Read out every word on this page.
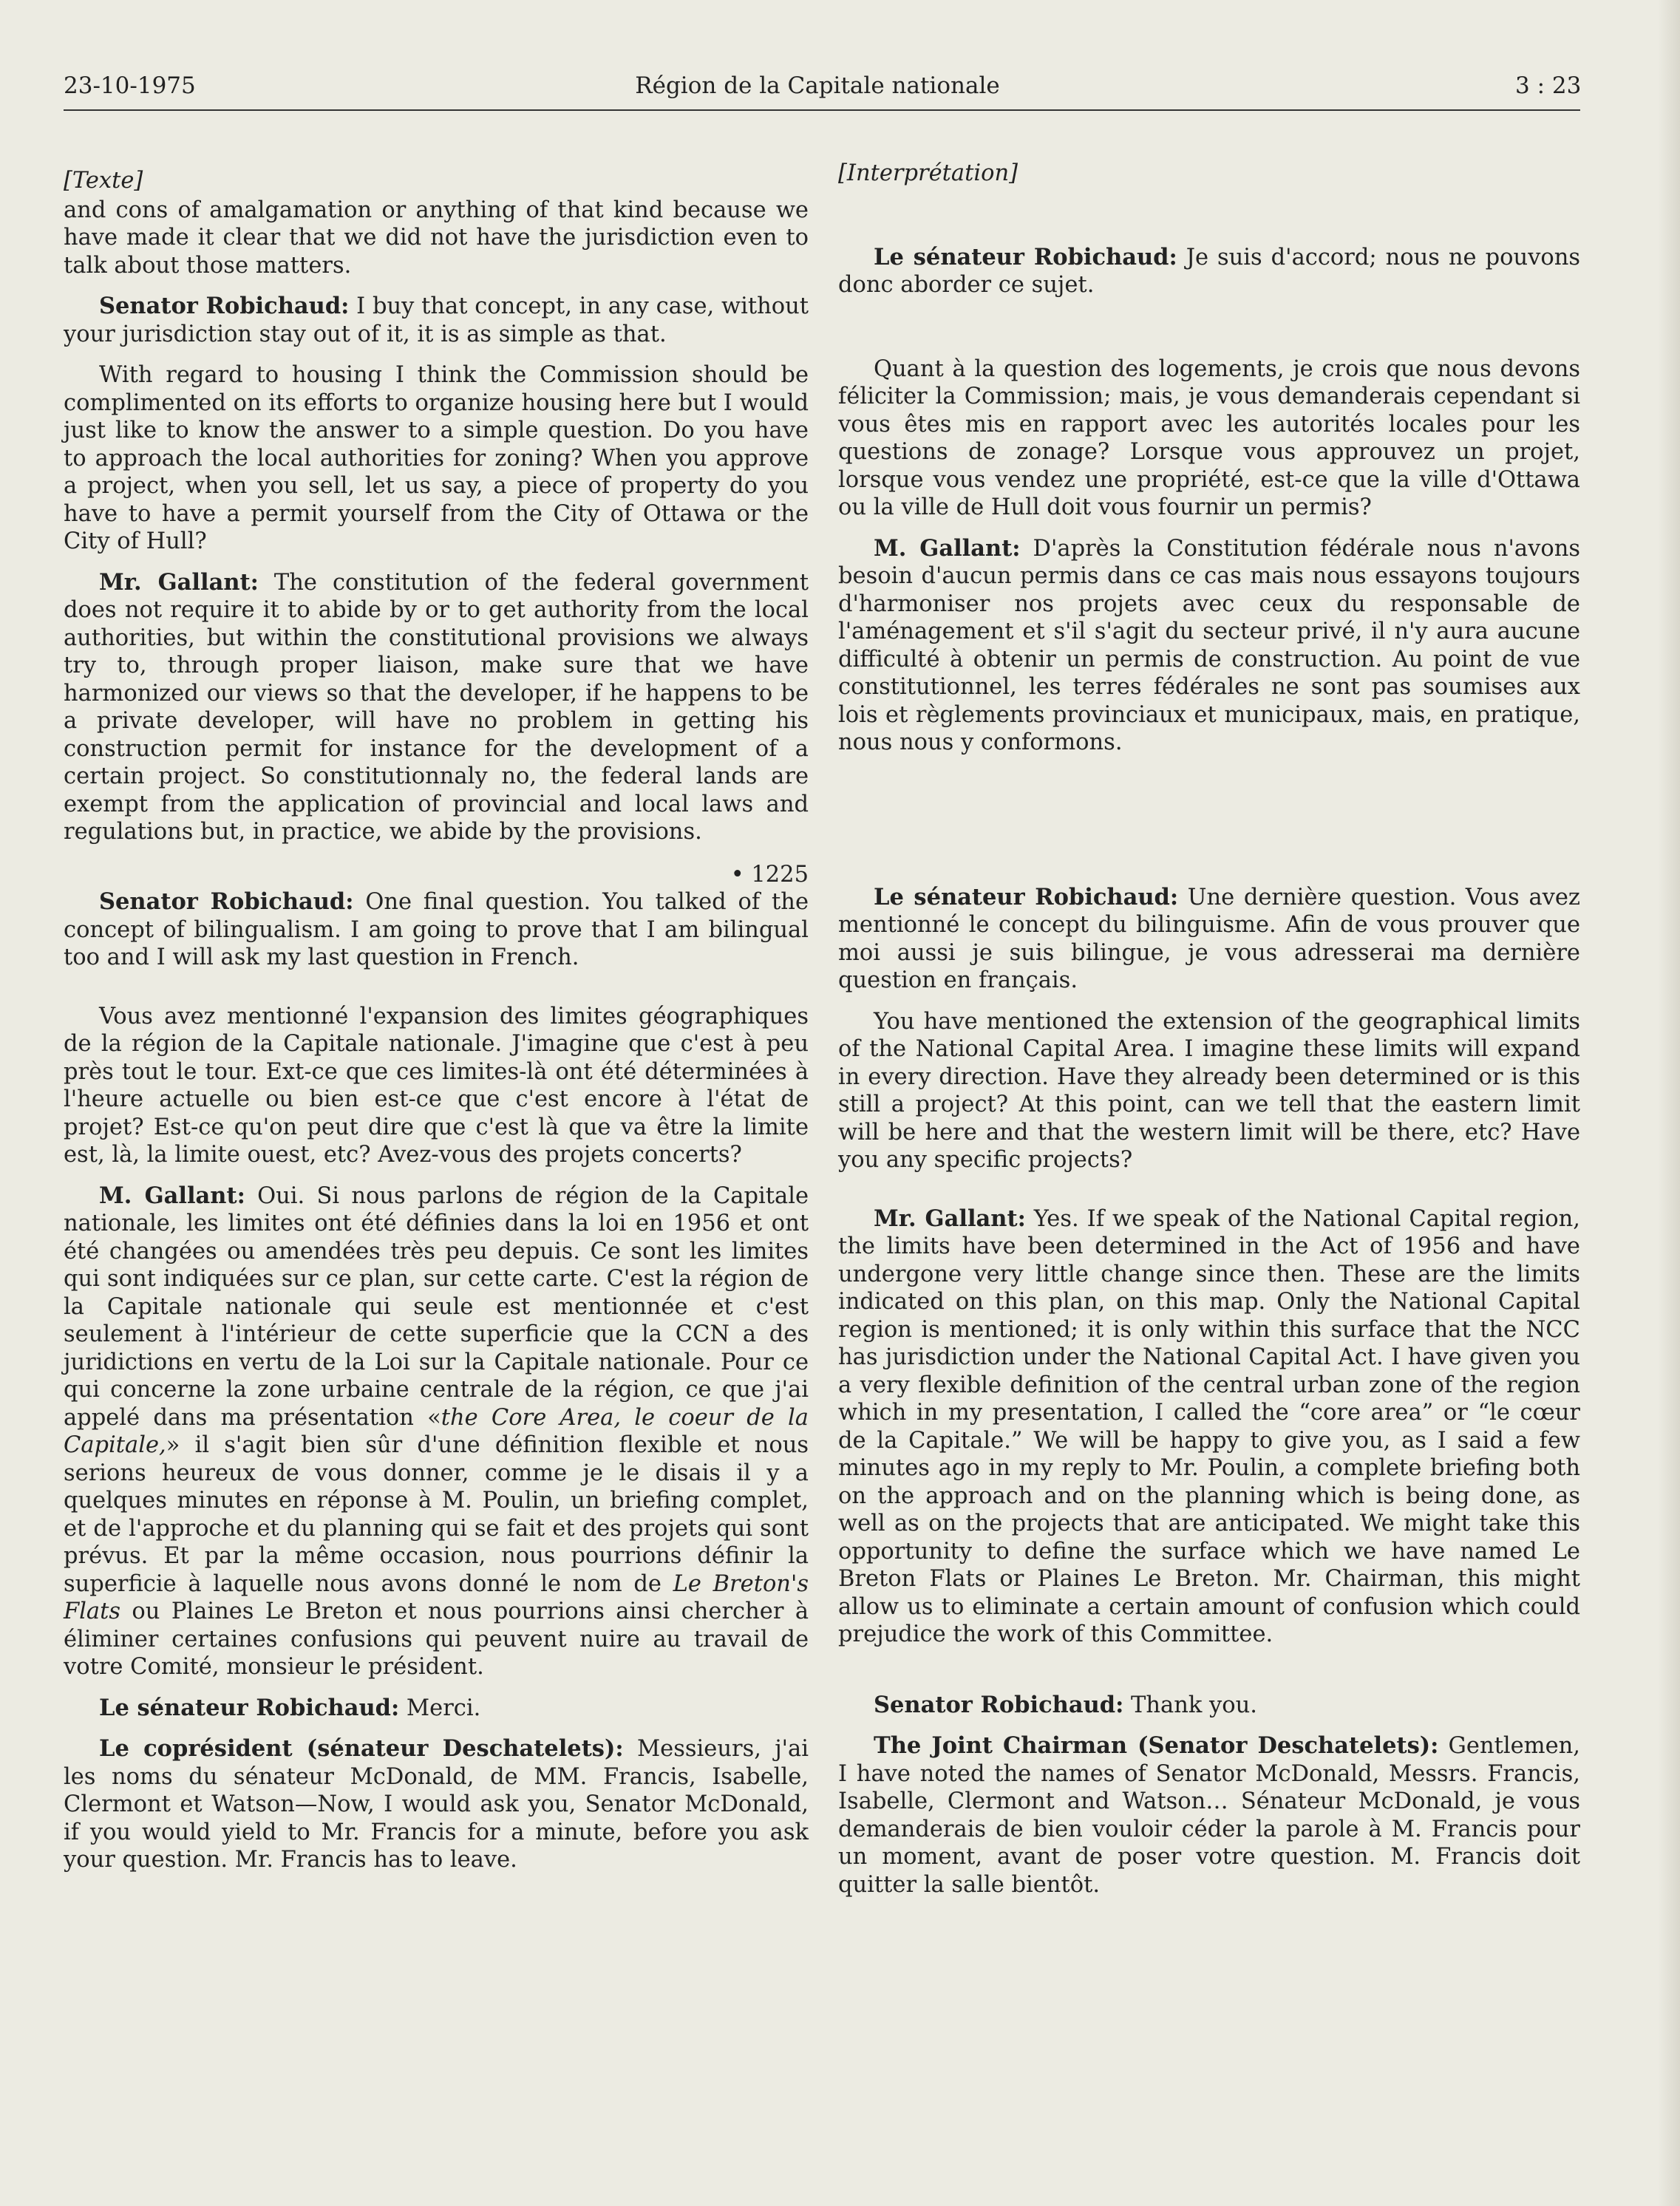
23-10-1975	Région de la Capitale nationale	3 : 23
[Texte]

and cons of amalgamation or anything of that kind because we have made it clear that we did not have the jurisdiction even to talk about those matters.

Senator Robichaud: I buy that concept, in any case, without your jurisdiction stay out of it, it is as simple as that.

With regard to housing I think the Commission should be complimented on its efforts to organize housing here but I would just like to know the answer to a simple question. Do you have to approach the local authorities for zoning? When you approve a project, when you sell, let us say, a piece of property do you have to have a permit yourself from the City of Ottawa or the City of Hull?

Mr. Gallant: The constitution of the federal government does not require it to abide by or to get authority from the local authorities, but within the constitutional provisions we always try to, through proper liaison, make sure that we have harmonized our views so that the developer, if he happens to be a private developer, will have no problem in getting his construction permit for instance for the development of a certain project. So constitutionnaly no, the federal lands are exempt from the application of provincial and local laws and regulations but, in practice, we abide by the provisions.

• 1225

Senator Robichaud: One final question. You talked of the concept of bilingualism. I am going to prove that I am bilingual too and I will ask my last question in French.

Vous avez mentionné l'expansion des limites géographiques de la région de la Capitale nationale. J'imagine que c'est à peu près tout le tour. Ext-ce que ces limites-là ont été déterminées à l'heure actuelle ou bien est-ce que c'est encore à l'état de projet? Est-ce qu'on peut dire que c'est là que va être la limite est, là, la limite ouest, etc? Avez-vous des projets concerts?

M. Gallant: Oui. Si nous parlons de région de la Capitale nationale, les limites ont été définies dans la loi en 1956 et ont été changées ou amendées très peu depuis. Ce sont les limites qui sont indiquées sur ce plan, sur cette carte. C'est la région de la Capitale nationale qui seule est mentionnée et c'est seulement à l'intérieur de cette superficie que la CCN a des juridictions en vertu de la Loi sur la Capitale nationale. Pour ce qui concerne la zone urbaine centrale de la région, ce que j'ai appelé dans ma présentation «the Core Area, le coeur de la Capitale,» il s'agit bien sûr d'une définition flexible et nous serions heureux de vous donner, comme je le disais il y a quelques minutes en réponse à M. Poulin, un briefing complet, et de l'approche et du planning qui se fait et des projets qui sont prévus. Et par la même occasion, nous pourrions définir la superficie à laquelle nous avons donné le nom de Le Breton's Flats ou Plaines Le Breton et nous pourrions ainsi chercher à éliminer certaines confusions qui peuvent nuire au travail de votre Comité, monsieur le président.

Le sénateur Robichaud: Merci.

Le coprésident (sénateur Deschatelets): Messieurs, j'ai les noms du sénateur McDonald, de MM. Francis, Isabelle, Clermont et Watson—Now, I would ask you, Senator McDonald, if you would yield to Mr. Francis for a minute, before you ask your question. Mr. Francis has to leave.

[Interprétation]

Le sénateur Robichaud: Je suis d'accord; nous ne pouvons donc aborder ce sujet.

Quant à la question des logements, je crois que nous devons féliciter la Commission; mais, je vous demanderais cependant si vous êtes mis en rapport avec les autorités locales pour les questions de zonage? Lorsque vous approuvez un projet, lorsque vous vendez une propriété, est-ce que la ville d'Ottawa ou la ville de Hull doit vous fournir un permis?

M. Gallant: D'après la Constitution fédérale nous n'avons besoin d'aucun permis dans ce cas mais nous essayons toujours d'harmoniser nos projets avec ceux du responsable de l'aménagement et s'il s'agit du secteur privé, il n'y aura aucune difficulté à obtenir un permis de construction. Au point de vue constitutionnel, les terres fédérales ne sont pas soumises aux lois et règlements provinciaux et municipaux, mais, en pratique, nous nous y conformons.

Le sénateur Robichaud: Une dernière question. Vous avez mentionné le concept du bilinguisme. Afin de vous prouver que moi aussi je suis bilingue, je vous adresserai ma dernière question en français.

You have mentioned the extension of the geographical limits of the National Capital Area. I imagine these limits will expand in every direction. Have they already been determined or is this still a project? At this point, can we tell that the eastern limit will be here and that the western limit will be there, etc? Have you any specific projects?

Mr. Gallant: Yes. If we speak of the National Capital region, the limits have been determined in the Act of 1956 and have undergone very little change since then. These are the limits indicated on this plan, on this map. Only the National Capital region is mentioned; it is only within this surface that the NCC has jurisdiction under the National Capital Act. I have given you a very flexible definition of the central urban zone of the region which in my presentation, I called the “core area” or “le cœur de la Capitale.” We will be happy to give you, as I said a few minutes ago in my reply to Mr. Poulin, a complete briefing both on the approach and on the planning which is being done, as well as on the projects that are anticipated. We might take this opportunity to define the surface which we have named Le Breton Flats or Plaines Le Breton. Mr. Chairman, this might allow us to eliminate a certain amount of confusion which could prejudice the work of this Committee.

Senator Robichaud: Thank you.

The Joint Chairman (Senator Deschatelets): Gentlemen, I have noted the names of Senator McDonald, Messrs. Francis, Isabelle, Clermont and Watson… Sénateur McDonald, je vous demanderais de bien vouloir céder la parole à M. Francis pour un moment, avant de poser votre question. M. Francis doit quitter la salle bientôt.
